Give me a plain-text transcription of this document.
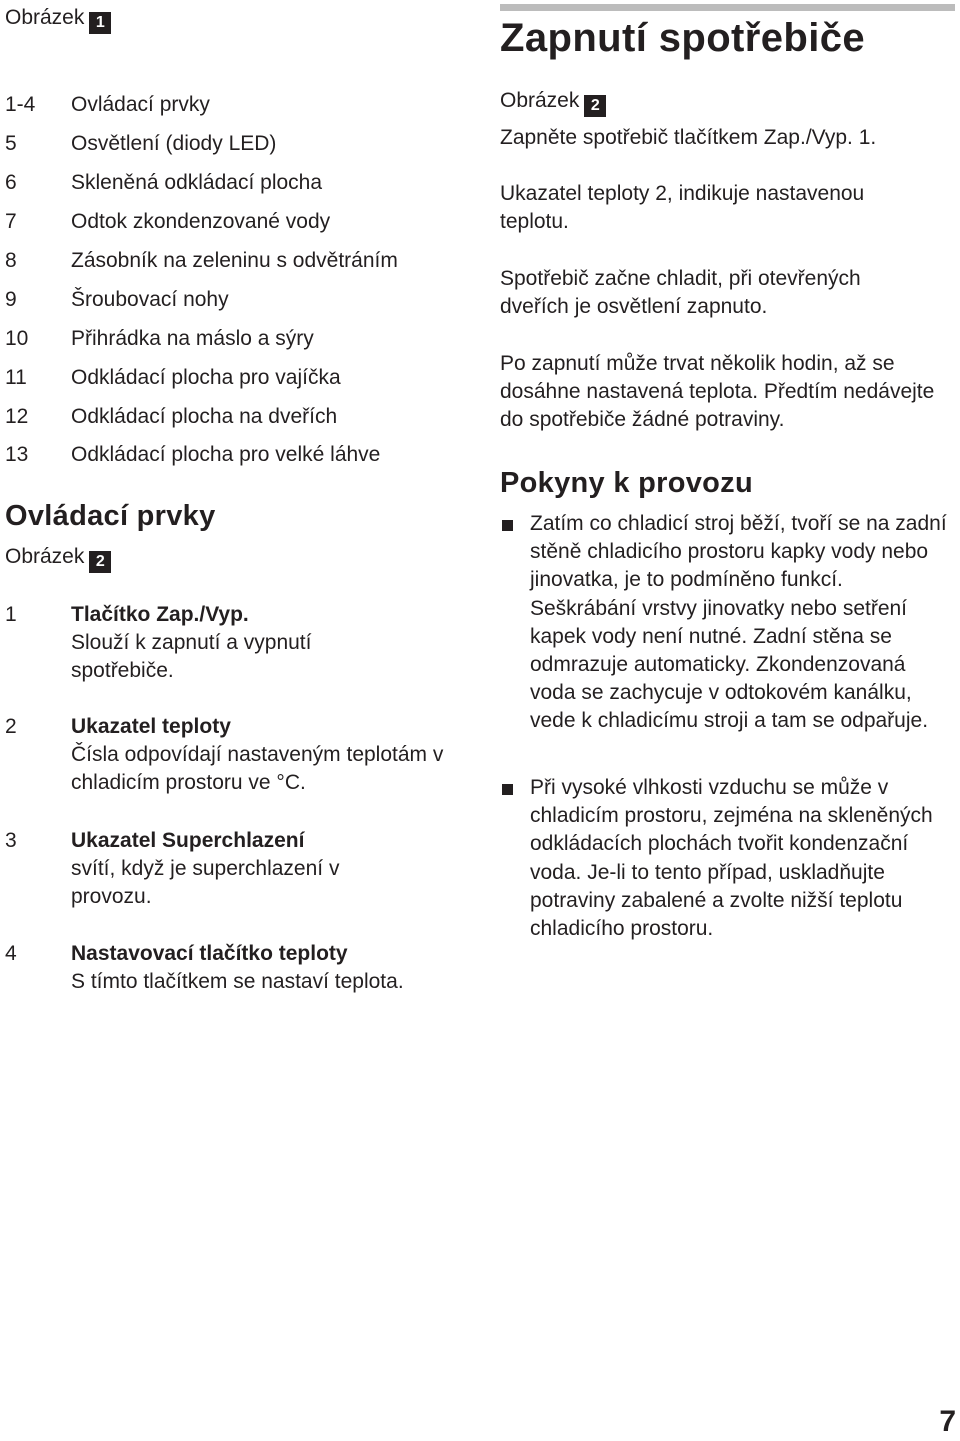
Obrázek 1
1-4	Ovládací prvky
5	Osvětlení (diody LED)
6	Skleněná odkládací plocha
7	Odtok zkondenzované vody
8	Zásobník na zeleninu s odvětráním
9	Šroubovací nohy
10	Přihrádka na máslo a sýry
11	Odkládací plocha pro vajíčka
12	Odkládací plocha na dveřích
13	Odkládací plocha pro velké láhve
Ovládací prvky
Obrázek 2
1	Tlačítko Zap./Vyp.
Slouží k zapnutí a vypnutí spotřebiče.
2	Ukazatel teploty
Čísla odpovídají nastaveným teplotám v chladicím prostoru ve °C.
3	Ukazatel Superchlazení
svítí, když je superchlazení v provozu.
4	Nastavovací tlačítko teploty
S tímto tlačítkem se nastaví teplota.
Zapnutí spotřebiče
Obrázek 2
Zapněte spotřebič tlačítkem Zap./Vyp. 1.
Ukazatel teploty 2, indikuje nastavenou teplotu.
Spotřebič začne chladit, při otevřených dveřích je osvětlení zapnuto.
Po zapnutí může trvat několik hodin, až se dosáhne nastavená teplota. Předtím nedávejte do spotřebiče žádné potraviny.
Pokyny k provozu
Zatím co chladicí stroj běží, tvoří se na zadní stěně chladicího prostoru kapky vody nebo jinovatka, je to podmíněno funkcí. Seškrábání vrstvy jinovatky nebo setření kapek vody není nutné. Zadní stěna se odmrazuje automaticky. Zkondenzovaná voda se zachycuje v odtokovém kanálku, vede k chladicímu stroji a tam se odpařuje.
Při vysoké vlhkosti vzduchu se může v chladicím prostoru, zejména na skleněných odkládacích plochách tvořit kondenzační voda. Je-li to tento případ, uskladňujte potraviny zabalené a zvolte nižší teplotu chladicího prostoru.
7
